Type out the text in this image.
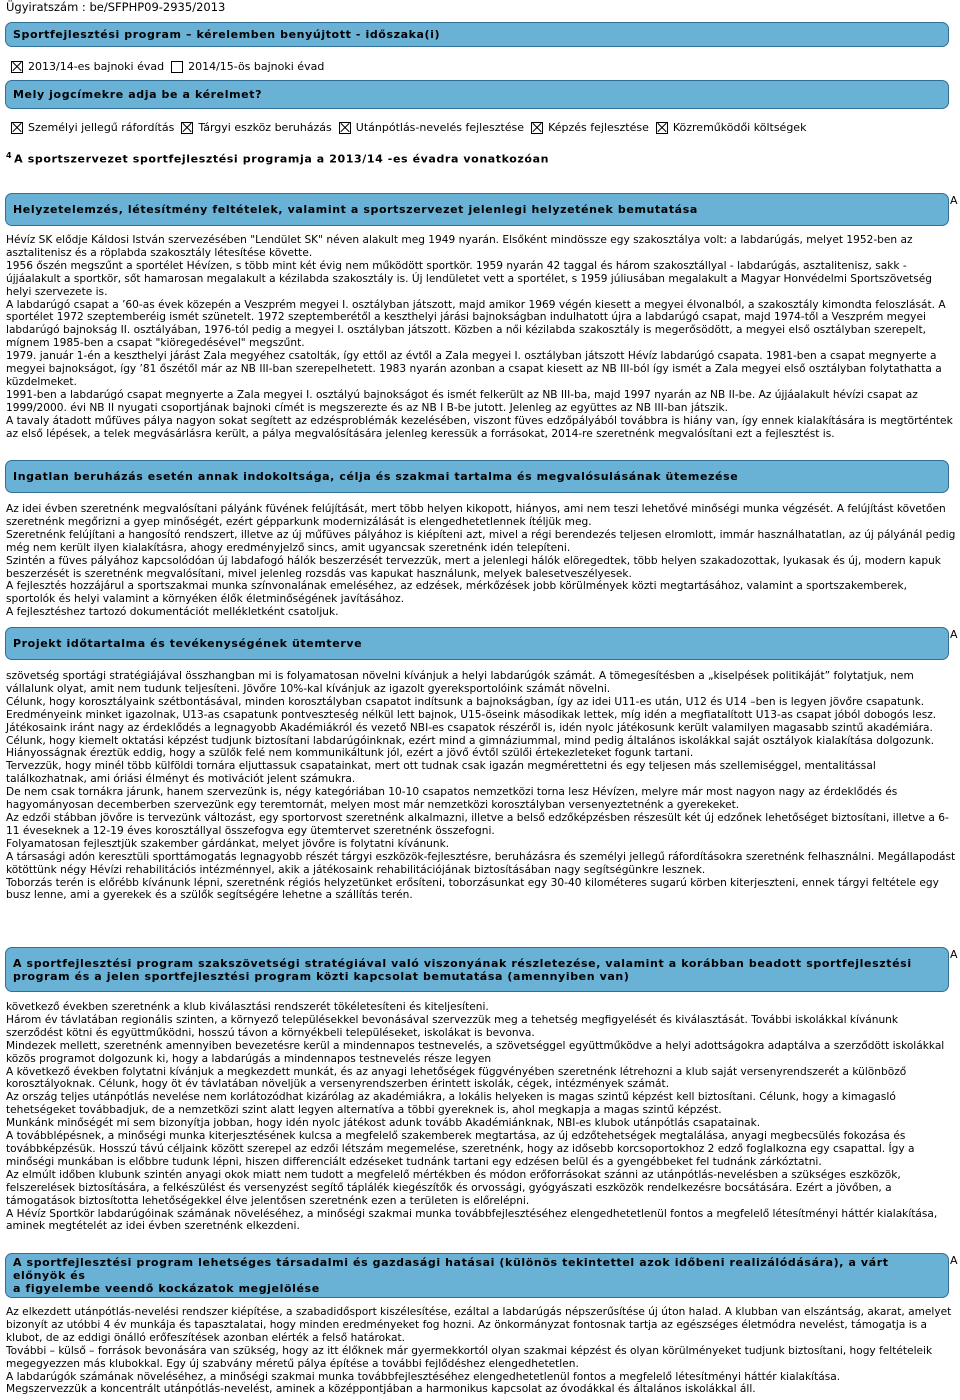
Ügyiratszám : be/SFPHP09-2935/2013
Sportfejlesztési program – kérelemben benyújtott - időszaka(i)
2013/14-es bajnoki évad 2014/15-ös bajnoki évad
Mely jogcímekre adja be a kérelmet?
Személyi jellegű ráfordítás Tárgyi eszköz beruházás Utánpótlás-nevelés fejlesztése Képzés fejlesztése Közreműködői költségek
$^4$ A sportszervezet sportfejlesztési programja a 2013/14 -es évadra vonatkozóan
Helyzetelemzés, létesítmény feltételek, valamint a sportszervezet jelenlegi helyzetének bemutatása
A

Hévíz SK elődje Káldosi István szervezésében "Lendület SK" néven alakult meg 1949 nyarán. Elsőként mindössze egy szakosztálya volt: a labdarúgás, melyet 1952-ben az asztalitenisz és a röplabda szakosztály létesítése követte.

1956 őszén megszűnt a sportélet Hévízen, s több mint két évig nem működött sportkör. 1959 nyarán 42 taggal és három szakosztállyal - labdarúgás, asztalitenisz, sakk - újjáalakult a sportkör, sőt hamarosan megalakult a kézilabda szakosztály is. Új lendületet vett a sportélet, s 1959 júliusában megalakult a Magyar Honvédelmi Sportszövetség helyi szervezete is.

A labdarúgó csapat a ’60-as évek közepén a Veszprém megyei I. osztályban játszott, majd amikor 1969 végén kiesett a megyei élvonalból, a szakosztály kimondta feloszlását. A sportélet 1972 szeptemberéig ismét szünetelt. 1972 szeptemberétől a keszthelyi járási bajnokságban indulhatott újra a labdarúgó csapat, majd 1974-től a Veszprém megyei labdarúgó bajnokság II. osztályában, 1976-tól pedig a megyei I. osztályban játszott. Közben a női kézilabda szakosztály is megerősödött, a megyei első osztályban szerepelt, mígnem 1985-ben a csapat "kiöregedésével" megszűnt.

1979. január 1-én a keszthelyi járást Zala megyéhez csatolták, így ettől az évtől a Zala megyei I. osztályban játszott Hévíz labdarúgó csapata. 1981-ben a csapat megnyerte a megyei bajnokságot, így ’81 őszétől már az NB III-ban szerepelhetett. 1983 nyarán azonban a csapat kiesett az NB III-ból így ismét a Zala megyei első osztályban folytathatta a küzdelmeket.

1991-ben a labdarúgó csapat megnyerte a Zala megyei I. osztályú bajnokságot és ismét felkerült az NB III-ba, majd 1997 nyarán az NB II-be. Az újjáalakult hévízi csapat az 1999/2000. évi NB II nyugati csoportjának bajnoki címét is megszerezte és az NB I B-be jutott. Jelenleg az együttes az NB III-ban játszik.

A tavaly átadott műfüves pálya nagyon sokat segített az edzésproblémák kezelésében, viszont füves edzőpályából továbbra is hiány van, így ennek kialakítására is megtörténtek az első lépések, a telek megvásárlásra került, a pálya megvalósítására jelenleg keressük a forrásokat, 2014-re szeretnénk megvalósítani ezt a fejlesztést is.

Ingatlan beruházás esetén annak indokoltsága, célja és szakmai tartalma és megvalósulásának ütemezése

Az idei évben szeretnénk megvalósítani pályánk füvének felújítását, mert több helyen kikopott, hiányos, ami nem teszi lehetővé minőségi munka végzését. A felújítást követően szeretnénk megőrizni a gyep minőségét, ezért gépparkunk modernizálását is elengedhetetlennek ítéljük meg.

Szeretnénk felújítani a hangosító rendszert, illetve az új műfüves pályához is kiépíteni azt, mivel a régi berendezés teljesen elromlott, immár használhatatlan, az új pályánál pedig még nem került ilyen kialakításra, ahogy eredményjelző sincs, amit ugyancsak szeretnénk idén telepíteni.

Szintén a füves pályához kapcsolódóan új labdafogó hálók beszerzését tervezzük, mert a jelenlegi hálók elöregedtek, több helyen szakadozottak, lyukasak és új, modern kapuk beszerzését is szeretnénk megvalósítani, mivel jelenleg rozsdás vas kapukat használunk, melyek balesetveszélyesek.

A fejlesztés hozzájárul a sportszakmai munka színvonalának emeléséhez, az edzések, mérkőzések jobb körülmények közti megtartásához, valamint a sportszakemberek, sportolók és helyi valamint a környéken élők életminőségének javításához.

A fejlesztéshez tartozó dokumentációt mellékletként csatoljuk.

Projekt időtartalma és tevékenységének ütemterve
A

szövetség sportági stratégiájával összhangban mi is folyamatosan növelni kívánjuk a helyi labdarúgók számát. A tömegesítésben a „kiselpések politikáját” folytatjuk, nem vállalunk olyat, amit nem tudunk teljesíteni. Jövőre 10%-kal kívánjuk az igazolt gyereksportolóink számát növelni.

Célunk, hogy korosztályaink szétbontásával, minden korosztályban csapatot indítsunk a bajnokságban, így az idei U11-es után, U12 és U14 –ben is legyen jövőre csapatunk.

Eredményeink minket igazolnak, U13-as csapatunk pontveszteség nélkül lett bajnok, U15-öseink másodikak lettek, míg idén a megfiatalított U13-as csapat jóból dobogós lesz. Játékosaink iránt nagy az érdeklődés a legnagyobb Akadémiákról és vezető NBI-es csapatok részéről is, idén nyolc játékosunk került valamilyen magasabb szintű akadémiára.

Célunk, hogy kiemelt oktatási képzést tudjunk biztosítani labdarúgóinknak, ezért mind a gimnáziummal, mind pedig általános iskolákkal saját osztályok kialakítása dolgozunk.

Hiányosságnak éreztük eddig, hogy a szülők felé nem kommunikáltunk jól, ezért a jövő évtől szülői értekezleteket fogunk tartani.

Tervezzük, hogy minél több külföldi tornára eljuttassuk csapatainkat, mert ott tudnak csak igazán megmérettetni és egy teljesen más szellemiséggel, mentalitással találkozhatnak, ami óriási élményt és motivációt jelent számukra.

De nem csak tornákra járunk, hanem szervezünk is, négy kategóriában 10-10 csapatos nemzetközi torna lesz Hévízen, melyre már most nagyon nagy az érdeklődés és hagyományosan decemberben szervezünk egy teremtornát, melyen most már nemzetközi korosztályban versenyeztetnénk a gyerekeket.

Az edzői stábban jövőre is tervezünk változást, egy sportorvost szeretnénk alkalmazni, illetve a belső edzőképzésben részesült két új edzőnek lehetőséget biztosítani, illetve a 6-11 éveseknek a 12-19 éves korosztállyal összefogva egy ütemtervet szeretnénk összefogni.

Folyamatosan fejlesztjük szakember gárdánkat, melyet jövőre is folytatni kívánunk.

A társasági adón keresztüli sporttámogatás legnagyobb részét tárgyi eszközök-fejlesztésre, beruházásra és személyi jellegű ráfordításokra szeretnénk felhasználni. Megállapodást kötöttünk négy Hévízi rehabilitációs intézménnyel, akik a játékosaink rehabilitációjának biztosításában nagy segítségünkre lesznek.

Toborzás terén is előrébb kívánunk lépni, szeretnénk régiós helyzetünket erősíteni, toborzásunkat egy 30-40 kilométeres sugarú körben kiterjeszteni, ennek tárgyi feltétele egy busz lenne, ami a gyerekek és a szülők segítségére lehetne a szállítás terén.

A sportfejlesztési program szakszövetségi stratégiával való viszonyának részletezése, valamint a korábban beadott sportfejlesztési
program és a jelen sportfejlesztési program közti kapcsolat bemutatása (amennyiben van)
A

következő években szeretnénk a klub kiválasztási rendszerét tökéletesíteni és kiteljesíteni.

Három év távlatában regionális szinten, a környező településekkel bevonásával szervezzük meg a tehetség megfigyelését és kiválasztását. További iskolákkal kívánunk szerződést kötni és együttműködni, hosszú távon a környékbeli településeket, iskolákat is bevonva.

Mindezek mellett, szeretnénk amennyiben bevezetésre kerül a mindennapos testnevelés, a szövetséggel együttműködve a helyi adottságokra adaptálva a szerződött iskolákkal közös programot dolgozunk ki, hogy a labdarúgás a mindennapos testnevelés része legyen

A következő években folytatni kívánjuk a megkezdett munkát, és az anyagi lehetőségek függvényében szeretnénk létrehozni a klub saját versenyrendszerét a különböző korosztályoknak. Célunk, hogy öt év távlatában növeljük a versenyrendszerben érintett iskolák, cégek, intézmények számát.

Az ország teljes utánpótlás nevelése nem korlátozódhat kizárólag az akadémiákra, a lokális helyeken is magas szintű képzést kell biztosítani. Célunk, hogy a kimagasló tehetségeket továbbadjuk, de a nemzetközi szint alatt legyen alternatíva a többi gyereknek is, ahol megkapja a magas szintű képzést.

Munkánk minőségét mi sem bizonyítja jobban, hogy idén nyolc játékost adunk tovább Akadémiánknak, NBI-es klubok utánpótlás csapatainak.

A továbblépésnek, a minőségi munka kiterjesztésének kulcsa a megfelelő szakemberek megtartása, az új edzőtehetségek megtalálása, anyagi megbecsülés fokozása és továbbképzésük. Hosszú távú céljaink között szerepel az edzői létszám megemelése, szeretnénk, hogy az idősebb korcsoportokhoz 2 edző foglalkozna egy csapattal. Így a minőségi munkában is előbbre tudunk lépni, hiszen differenciált edzéseket tudnánk tartani egy edzésen belül és a gyengébbeket fel tudnánk zárkóztatni.

Az elmúlt időben klubunk szintén anyagi okok miatt nem tudott a megfelelő mértékben és módon erőforrásokat szánni az utánpótlás-nevelésben a szükséges eszközök, felszerelések biztosítására, a felkészülést és versenyzést segítő táplálék kiegészítők és orvossági, gyógyászati eszközök rendelkezésre bocsátására. Ezért a jövőben, a támogatások biztosította lehetőségekkel élve jelentősen szeretnénk ezen a területen is előrelépni.

A Hévíz Sportkör labdarúgóinak számának növeléséhez, a minőségi szakmai munka továbbfejlesztéséhez elengedhetetlenül fontos a megfelelő létesítményi háttér kialakítása, aminek megtételét az idei évben szeretnénk elkezdeni.

A sportfejlesztési program lehetséges társadalmi és gazdasági hatásai (különös tekintettel azok időbeni realizálódására), a várt előnyök és
a figyelembe veendő kockázatok megjelölése
A

Az elkezdett utánpótlás-nevelési rendszer kiépítése, a szabadidősport kiszélesítése, ezáltal a labdarúgás népszerűsítése új úton halad. A klubban van elszántság, akarat, amelyet bizonyít az utóbbi 4 év munkája és tapasztalatai, hogy minden eredményeket fog hozni. Az önkormányzat fontosnak tartja az egészséges életmódra nevelést, támogatja is a klubot, de az eddigi önálló erőfeszítések azonban elérték a felső határokat.

További – külső – források bevonására van szükség, hogy az itt élőknek már gyermekkortól olyan szakmai képzést és olyan körülményeket tudjunk biztosítani, hogy feltételeik megegyezzen más klubokkal. Egy új szabvány méretű pálya építése a további fejlődéshez elengedhetetlen.

A labdarúgók számának növeléséhez, a minőségi szakmai munka továbbfejlesztéséhez elengedhetetlenül fontos a megfelelő létesítményi háttér kialakítása.

Megszervezzük a koncentrált utánpótlás-nevelést, aminek a középpontjában a harmonikus kapcsolat az óvodákkal és általános iskolákkal áll.
